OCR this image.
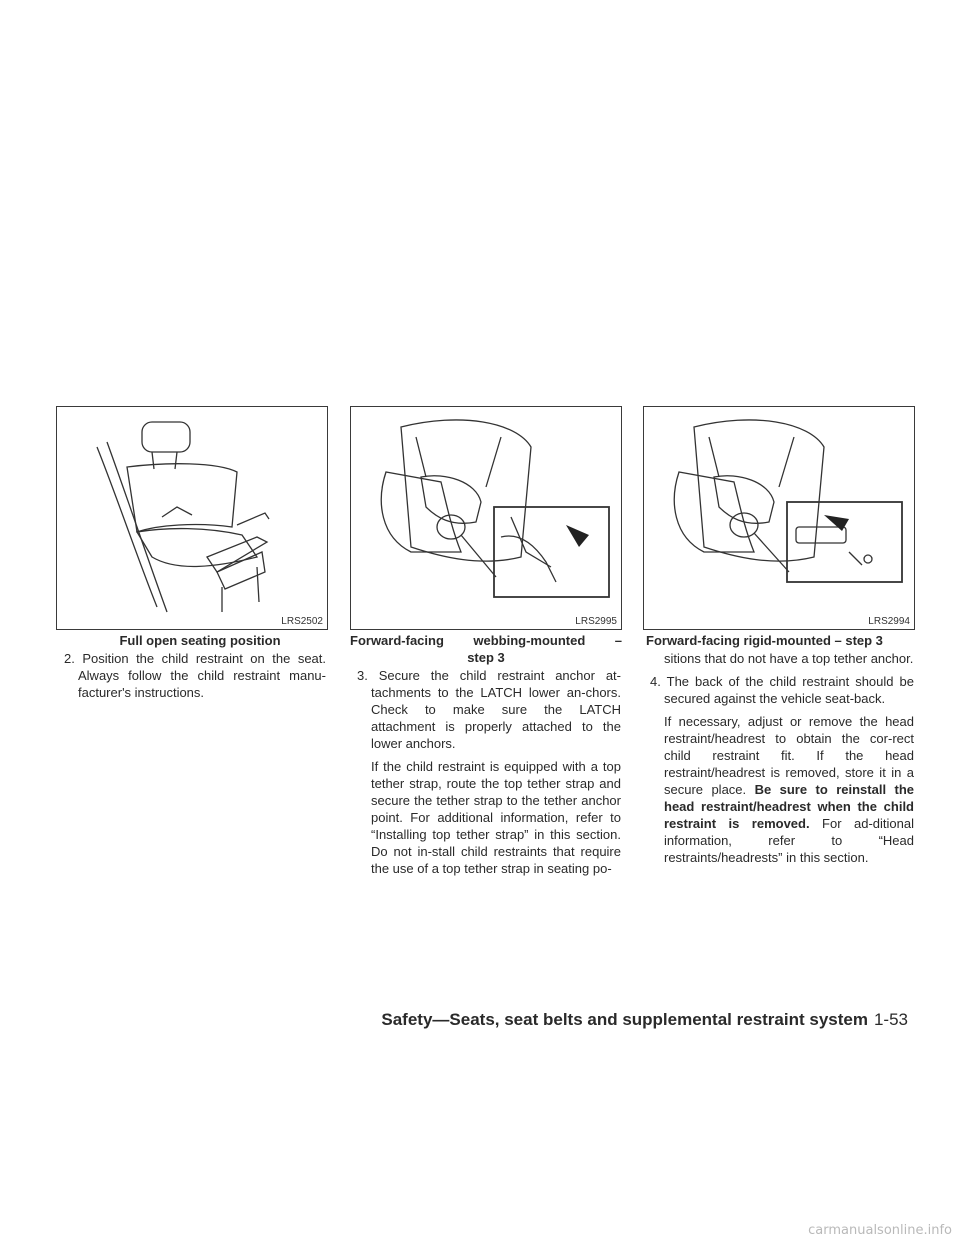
LRS2502	LRS2995	LRS2994
Full open seating position	Forward-facing webbing-mounted –
step 3
Forward-facing rigid-mounted – step 3

2. Position the child restraint on the seat. Always follow the child restraint manu-facturer's instructions.

3. Secure the child restraint anchor at-tachments to the LATCH lower an-chors. Check to make sure the LATCH attachment is properly attached to the lower anchors.

If the child restraint is equipped with a top tether strap, route the top tether strap and secure the tether strap to the tether anchor point. For additional information, refer to “Installing top tether strap” in this section. Do not in-stall child restraints that require the use of a top tether strap in seating po-

sitions that do not have a top tether anchor.

4. The back of the child restraint should be secured against the vehicle seat-back.

If necessary, adjust or remove the head restraint/headrest to obtain the cor-rect child restraint fit. If the head restraint/headrest is removed, store it in a secure place. Be sure to reinstall the head restraint/headrest when the child restraint is removed. For ad-ditional information, refer to “Head restraints/headrests” in this section.

Safety—Seats, seat belts and supplemental restraint system 1-53
carmanualsonline.info
